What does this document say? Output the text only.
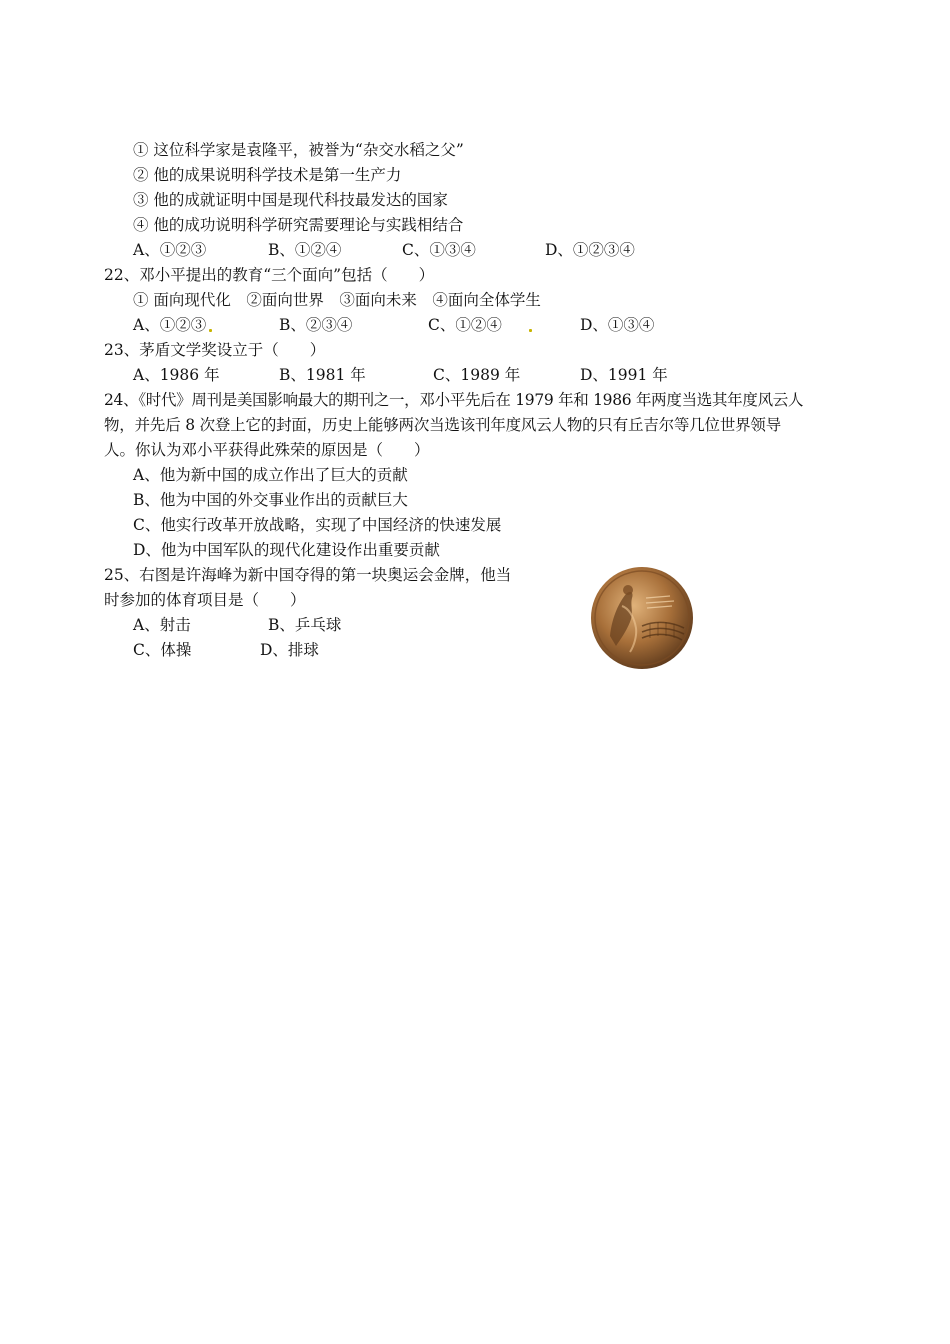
① 这位科学家是袁隆平，被誉为“杂交水稻之父”
② 他的成果说明科学技术是第一生产力
③ 他的成就证明中国是现代科技最发达的国家
④ 他的成功说明科学研究需要理论与实践相结合
A、①②③	B、①②④	C、①③④	D、①②③④
22、邓小平提出的教育“三个面向”包括（　　）
① 面向现代化　②面向世界　③面向未来　④面向全体学生
A、①②③	B、②③④	C、①②④	D、①③④
23、茅盾文学奖设立于（　　）
A、1986 年	B、1981 年	C、1989 年	D、1991 年
24、《时代》周刊是美国影响最大的期刊之一，邓小平先后在 1979 年和 1986 年两度当选其年度风云人
物，并先后 8 次登上它的封面，历史上能够两次当选该刊年度风云人物的只有丘吉尔等几位世界领导
人。你认为邓小平获得此殊荣的原因是（　　）
A、他为新中国的成立作出了巨大的贡献
B、他为中国的外交事业作出的贡献巨大
C、他实行改革开放战略，实现了中国经济的快速发展
D、他为中国军队的现代化建设作出重要贡献
25、右图是许海峰为新中国夺得的第一块奥运会金牌，他当
时参加的体育项目是（　　）
A、射击	B、乒乓球
C、体操	D、排球
